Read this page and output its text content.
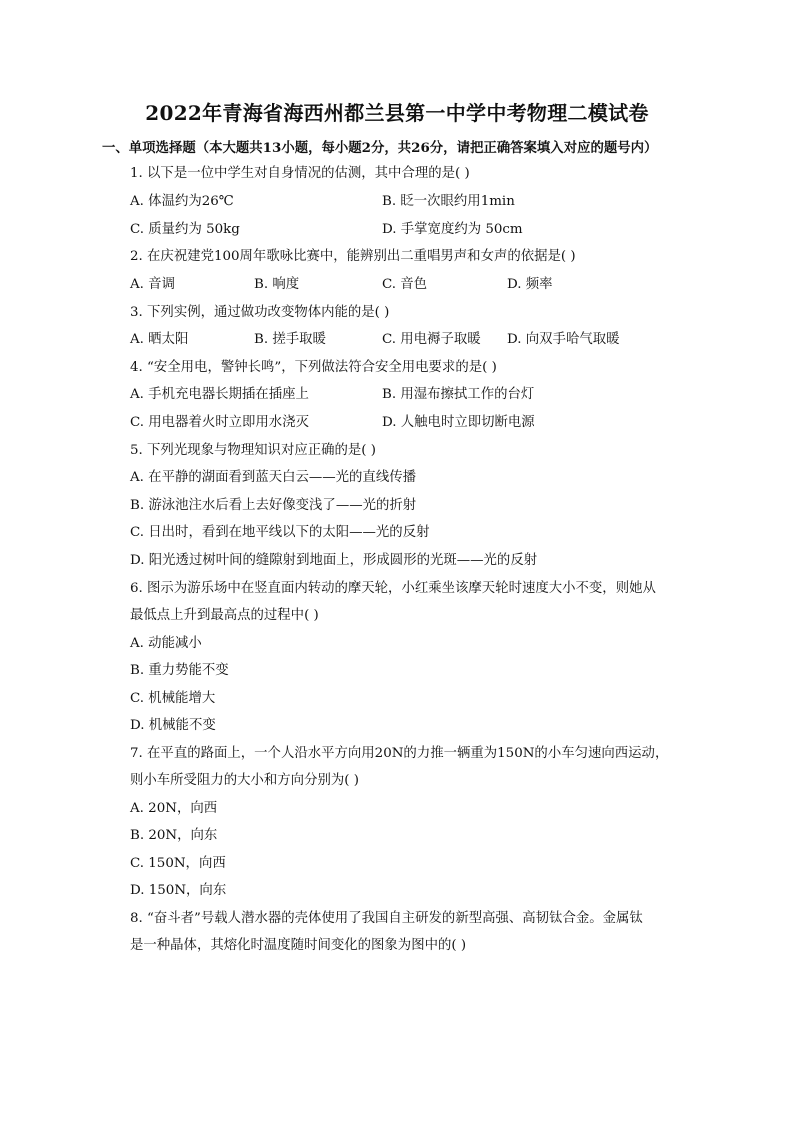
2022年青海省海西州都兰县第一中学中考物理二模试卷
一、单项选择题（本大题共13小题，每小题2分，共26分，请把正确答案填入对应的题号内）
1. 以下是一位中学生对自身情况的估测，其中合理的是( )
A. 体温约为26℃	B. 眨一次眼约用1min
C. 质量约为 50kg	D. 手掌宽度约为 50cm
2. 在庆祝建党100周年歌咏比赛中，能辨别出二重唱男声和女声的依据是( )
A. 音调	B. 响度	C. 音色	D. 频率
3. 下列实例，通过做功改变物体内能的是( )
A. 晒太阳	B. 搓手取暖	C. 用电褥子取暖 D. 向双手哈气取暖
4. “安全用电，警钟长鸣”，下列做法符合安全用电要求的是( )
A. 手机充电器长期插在插座上	B. 用湿布擦拭工作的台灯
C. 用电器着火时立即用水浇灭	D. 人触电时立即切断电源
5. 下列光现象与物理知识对应正确的是( )
A. 在平静的湖面看到蓝天白云——光的直线传播
B. 游泳池注水后看上去好像变浅了——光的折射
C. 日出时，看到在地平线以下的太阳——光的反射
D. 阳光透过树叶间的缝隙射到地面上，形成圆形的光斑——光的反射
6. 图示为游乐场中在竖直面内转动的摩天轮，小红乘坐该摩天轮时速度大小不变，则她从
最低点上升到最高点的过程中( )
A. 动能减小
B. 重力势能不变
C. 机械能增大
D. 机械能不变
7. 在平直的路面上，一个人沿水平方向用20N的力推一辆重为150N的小车匀速向西运动，
则小车所受阻力的大小和方向分别为( )
A. 20N，向西
B. 20N，向东
C. 150N，向西
D. 150N，向东
8. “奋斗者”号载人潜水器的壳体使用了我国自主研发的新型高强、高韧钛合金。金属钛
是一种晶体，其熔化时温度随时间变化的图象为图中的( )
